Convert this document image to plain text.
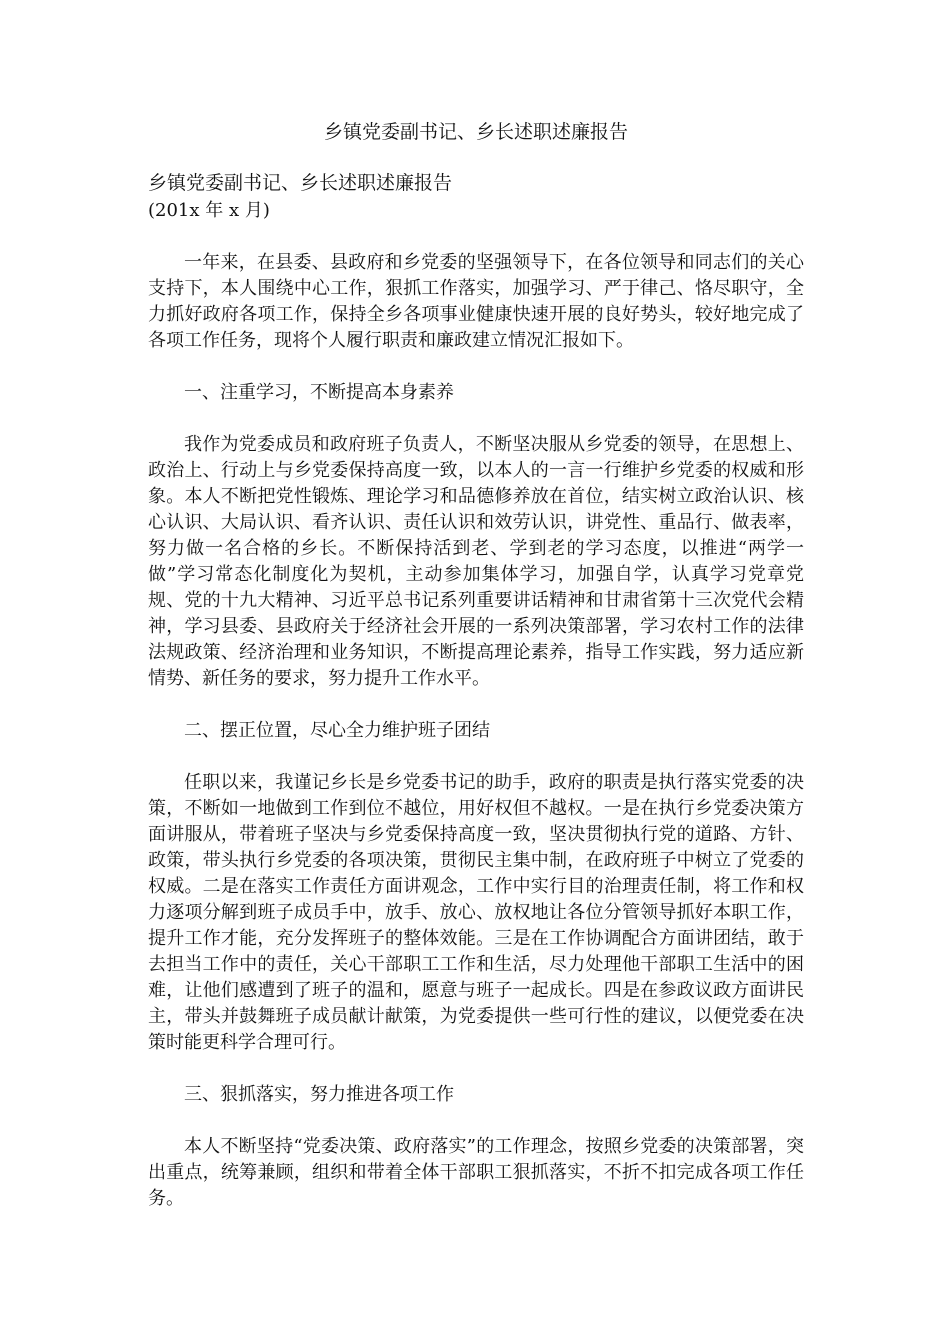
乡镇党委副书记、乡长述职述廉报告

乡镇党委副书记、乡长述职述廉报告

(201x 年 x 月)

一年来，在县委、县政府和乡党委的坚强领导下，在各位领导和同志们的关心支持下，本人围绕中心工作，狠抓工作落实，加强学习、严于律己、恪尽职守，全力抓好政府各项工作，保持全乡各项事业健康快速开展的良好势头，较好地完成了各项工作任务，现将个人履行职责和廉政建立情况汇报如下。

一、注重学习，不断提高本身素养

我作为党委成员和政府班子负责人，不断坚决服从乡党委的领导，在思想上、政治上、行动上与乡党委保持高度一致，以本人的一言一行维护乡党委的权威和形象。本人不断把党性锻炼、理论学习和品德修养放在首位，结实树立政治认识、核心认识、大局认识、看齐认识、责任认识和效劳认识，讲党性、重品行、做表率，努力做一名合格的乡长。不断保持活到老、学到老的学习态度，以推进“两学一做”学习常态化制度化为契机，主动参加集体学习，加强自学，认真学习党章党规、党的十九大精神、习近平总书记系列重要讲话精神和甘肃省第十三次党代会精神，学习县委、县政府关于经济社会开展的一系列决策部署，学习农村工作的法律法规政策、经济治理和业务知识，不断提高理论素养，指导工作实践，努力适应新情势、新任务的要求，努力提升工作水平。

二、摆正位置，尽心全力维护班子团结

任职以来，我谨记乡长是乡党委书记的助手，政府的职责是执行落实党委的决策，不断如一地做到工作到位不越位，用好权但不越权。一是在执行乡党委决策方面讲服从，带着班子坚决与乡党委保持高度一致，坚决贯彻执行党的道路、方针、政策，带头执行乡党委的各项决策，贯彻民主集中制，在政府班子中树立了党委的权威。二是在落实工作责任方面讲观念，工作中实行目的治理责任制，将工作和权力逐项分解到班子成员手中，放手、放心、放权地让各位分管领导抓好本职工作，提升工作才能，充分发挥班子的整体效能。三是在工作协调配合方面讲团结，敢于去担当工作中的责任，关心干部职工工作和生活，尽力处理他干部职工生活中的困难，让他们感遭到了班子的温和，愿意与班子一起成长。四是在参政议政方面讲民主，带头并鼓舞班子成员献计献策，为党委提供一些可行性的建议，以便党委在决策时能更科学合理可行。

三、狠抓落实，努力推进各项工作

本人不断坚持“党委决策、政府落实”的工作理念，按照乡党委的决策部署，突出重点，统筹兼顾，组织和带着全体干部职工狠抓落实，不折不扣完成各项工作任务。
